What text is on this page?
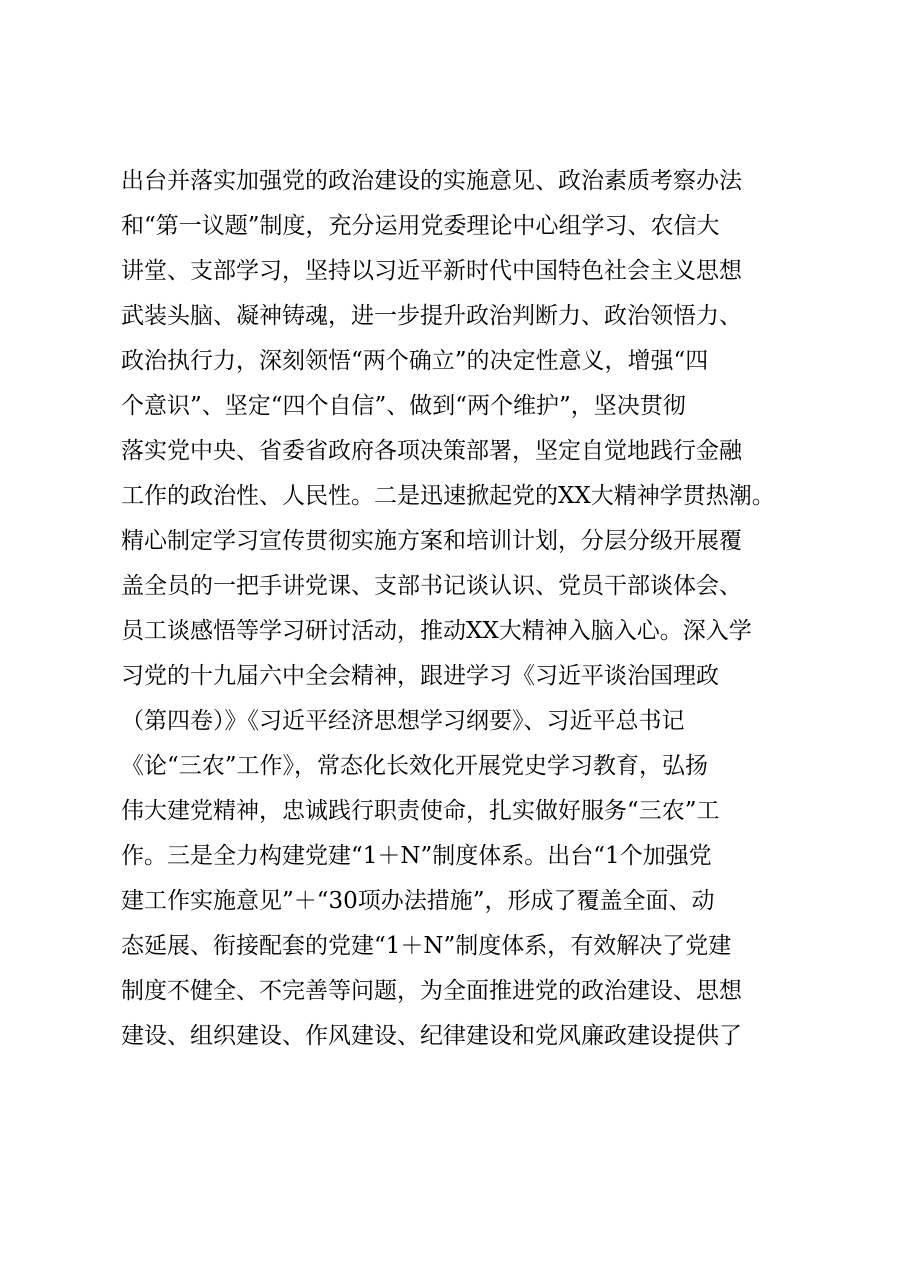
出台并落实加强党的政治建设的实施意见、政治素质考察办法
和“第一议题”制度，充分运用党委理论中心组学习、农信大
讲堂、支部学习，坚持以习近平新时代中国特色社会主义思想
武装头脑、凝神铸魂，进一步提升政治判断力、政治领悟力、
政治执行力，深刻领悟“两个确立”的决定性意义，增强“四
个意识”、坚定“四个自信”、做到“两个维护”，坚决贯彻
落实党中央、省委省政府各项决策部署，坚定自觉地践行金融
工作的政治性、人民性。二是迅速掀起党的XX大精神学贯热潮。
精心制定学习宣传贯彻实施方案和培训计划，分层分级开展覆
盖全员的一把手讲党课、支部书记谈认识、党员干部谈体会、
员工谈感悟等学习研讨活动，推动XX大精神入脑入心。深入学
习党的十九届六中全会精神，跟进学习《习近平谈治国理政
（第四卷）》《习近平经济思想学习纲要》、习近平总书记
《论“三农”工作》，常态化长效化开展党史学习教育，弘扬
伟大建党精神，忠诚践行职责使命，扎实做好服务“三农”工
作。三是全力构建党建“1＋N”制度体系。出台“1个加强党
建工作实施意见”＋“30项办法措施”，形成了覆盖全面、动
态延展、衔接配套的党建“1＋N”制度体系，有效解决了党建
制度不健全、不完善等问题，为全面推进党的政治建设、思想
建设、组织建设、作风建设、纪律建设和党风廉政建设提供了
